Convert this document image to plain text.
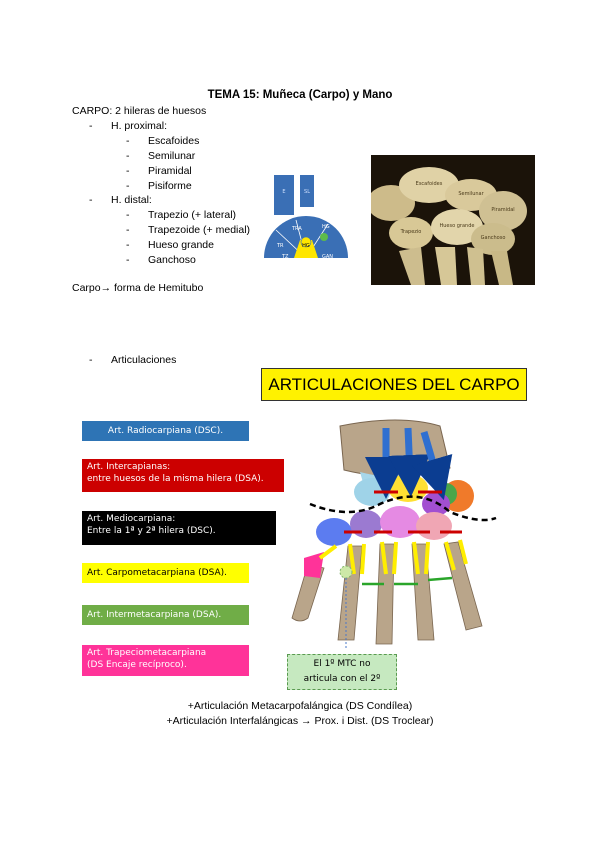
TEMA 15: Muñeca (Carpo) y Mano
CARPO: 2 hileras de huesos
- H. proximal:
- Escafoides
- Semilunar
- Piramidal
- Pisiforme
- H. distal:
- Trapezio (+ lateral)
- Trapezoide (+ medial)
- Hueso grande
- Ganchoso
Carpo→ forma de Hemitubo
E	SL
TRA
TR	HG
TZ	GAN
HG
Escafoides
Semilunar
Piramidal
Hueso grande
Trapezio
Ganchoso
- Articulaciones
ARTICULACIONES DEL CARPO
Art. Radiocarpiana (DSC).
Art. Intercapianas:
entre huesos de la misma hilera (DSA).
Art. Mediocarpiana:
Entre la 1ª y 2ª hilera (DSC).
Art. Carpometacarpiana (DSA).
Art. Intermetacarpiana (DSA).
Art. Trapeciometacarpiana
(DS Encaje recíproco).	El 1º MTC no
articula con el 2º
+Articulación Metacarpofalángica (DS Condílea)
+Articulación Interfalángicas → Prox. i Dist. (DS Troclear)
